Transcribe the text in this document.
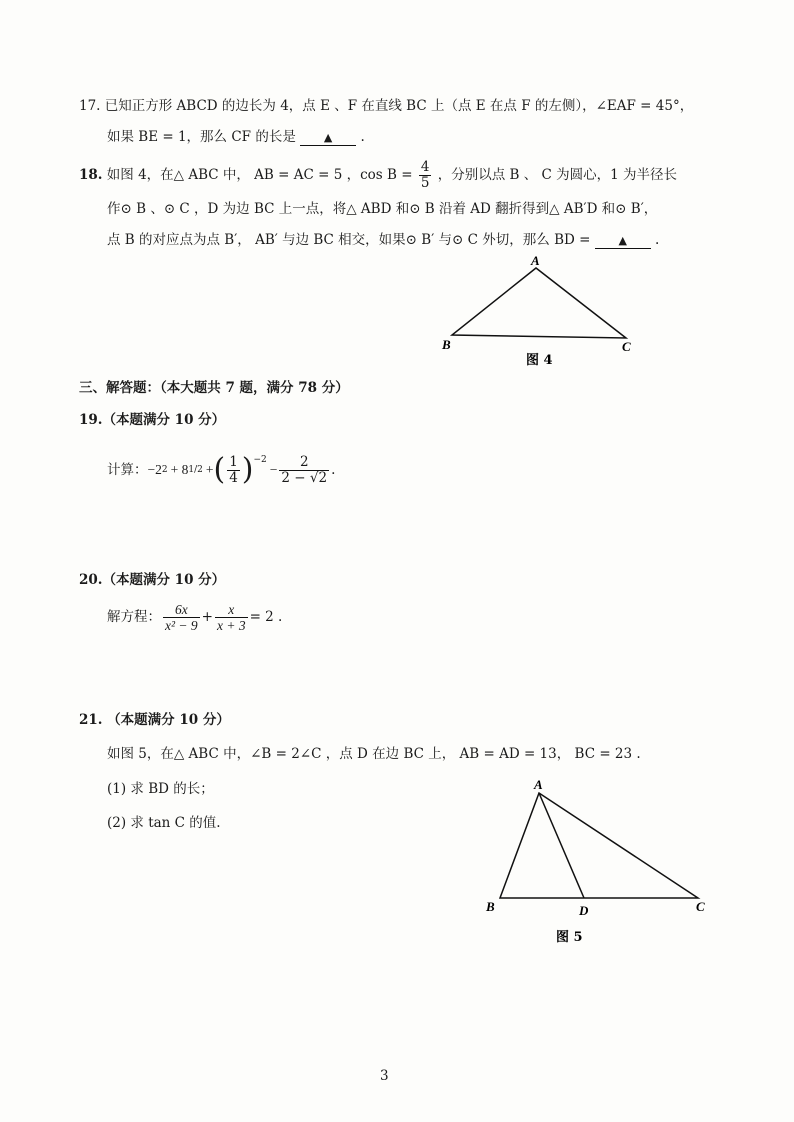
17. 已知正方形 ABCD 的边长为 4，点 E 、F 在直线 BC 上（点 E 在点 F 的左侧），∠EAF = 45°，
如果 BE = 1，那么 CF 的长是	▲ .
18. 如图 4，在△ ABC 中， AB = AC = 5 ，$\cos B = \frac{4}{5}$ ，分别以点 B 、 C 为圆心，1 为半径长
作⊙ B 、⊙ C ，D 为边 BC 上一点，将△ ABD 和⊙ B 沿着 AD 翻折得到△ AB′D 和⊙ B′，
点 B 的对应点为点 B′， AB′ 与边 BC 相交，如果⊙ B′ 与⊙ C 外切，那么 BD =	▲ .
A
B	C
图 4
三、解答题：（本大题共 7 题，满分 78 分）
19.（本题满分 10 分）
计算： −2 2 + 8 1/2 + ( $\frac{1}{4}$ ) −2
− $\frac{2}{2 - √2}$ .
20.（本题满分 10 分）
解方程： $\frac{6x}{\text{x² − 9}} + \frac{x}{x + 3} = 2$ .
21. （本题满分 10 分）
如图 5，在△ ABC 中，∠B = 2∠C ，点 D 在边 BC 上， AB = AD = 13， BC = 23 .
(1) 求 BD 的长；
(2) 求 tan C 的值.
A
B	D	C
图 5
3
